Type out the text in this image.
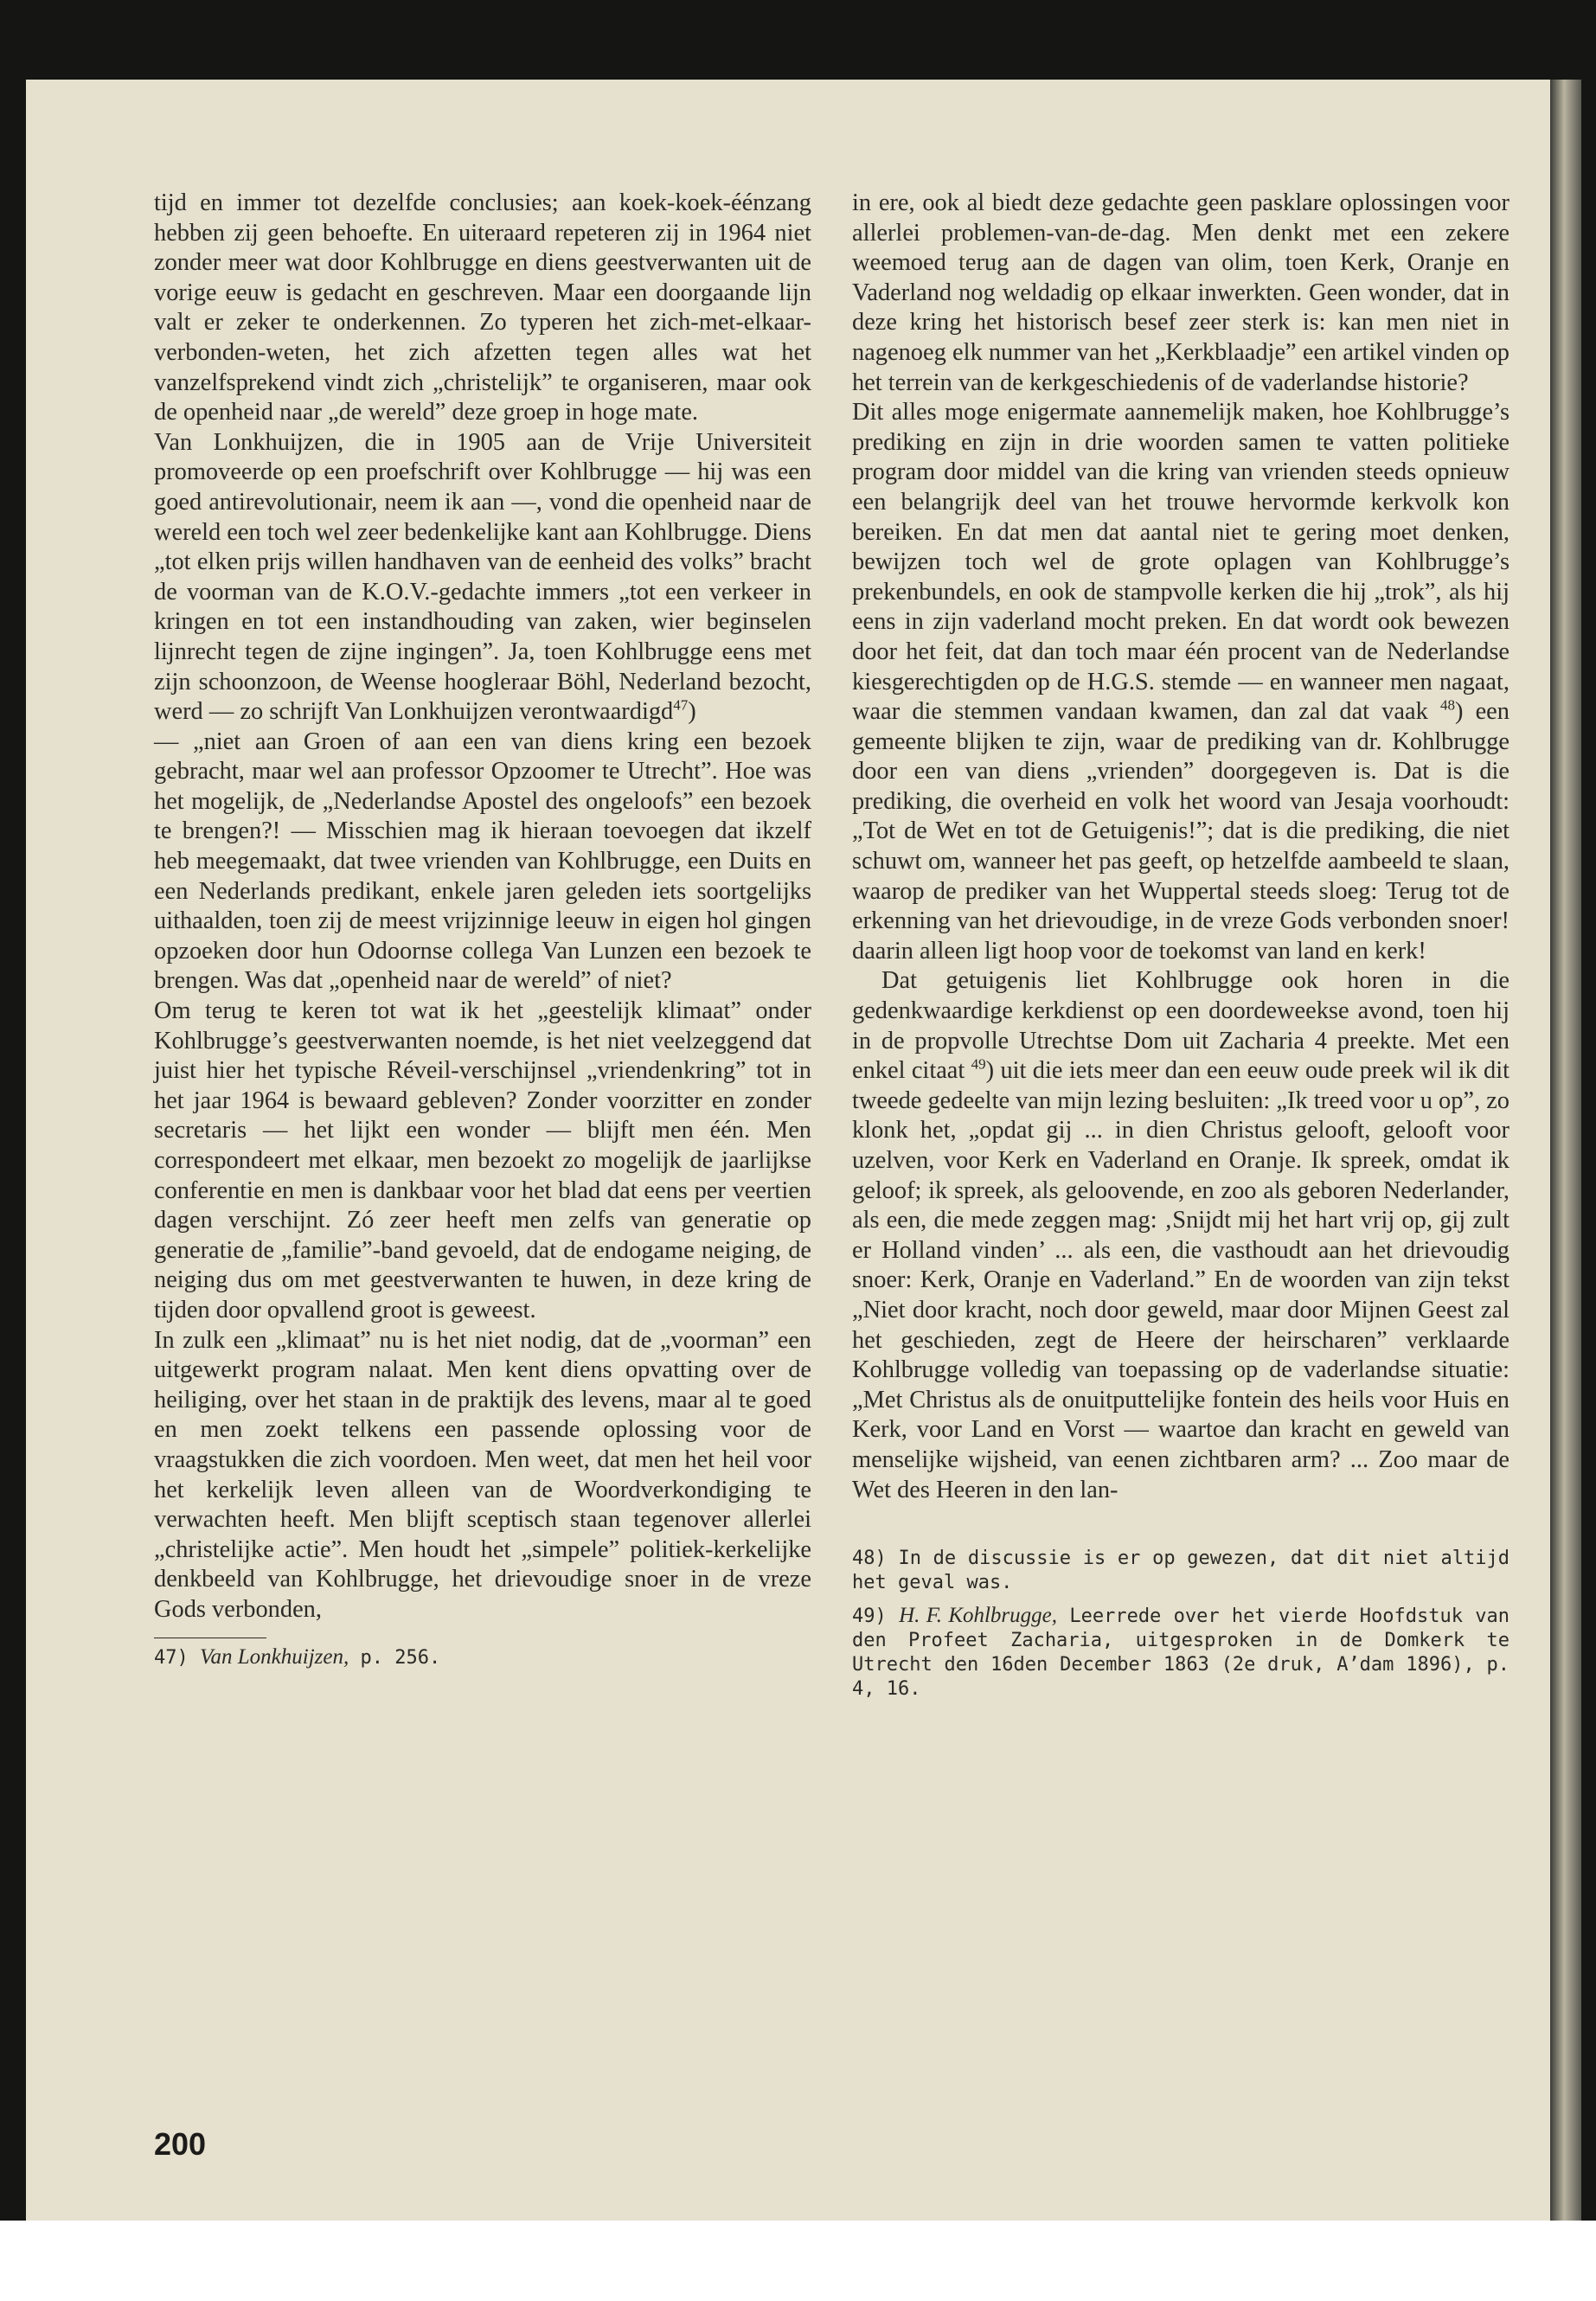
tijd en immer tot dezelfde conclusies; aan koek-koek-éénzang hebben zij geen behoefte. En uiteraard repeteren zij in 1964 niet zonder meer wat door Kohlbrugge en diens geestverwanten uit de vorige eeuw is gedacht en geschreven. Maar een doorgaande lijn valt er zeker te onderkennen. Zo typeren het zich-met-elkaar-verbonden-weten, het zich afzetten tegen alles wat het vanzelfsprekend vindt zich „christelijk” te organiseren, maar ook de openheid naar „de wereld” deze groep in hoge mate.

Van Lonkhuijzen, die in 1905 aan de Vrije Universiteit promoveerde op een proefschrift over Kohlbrugge — hij was een goed antirevolutionair, neem ik aan —, vond die openheid naar de wereld een toch wel zeer bedenkelijke kant aan Kohlbrugge. Diens „tot elken prijs willen handhaven van de eenheid des volks” bracht de voorman van de K.O.V.-gedachte immers „tot een verkeer in kringen en tot een instandhouding van zaken, wier beginselen lijnrecht tegen de zijne ingingen”. Ja, toen Kohlbrugge eens met zijn schoonzoon, de Weense hoogleraar Böhl, Nederland bezocht, werd — zo schrijft Van Lonkhuijzen verontwaardigd$^{47}$)

— „niet aan Groen of aan een van diens kring een bezoek gebracht, maar wel aan professor Opzoomer te Utrecht”. Hoe was het mogelijk, de „Nederlandse Apostel des ongeloofs” een bezoek te brengen?! — Misschien mag ik hieraan toevoegen dat ikzelf heb meegemaakt, dat twee vrienden van Kohlbrugge, een Duits en een Nederlands predikant, enkele jaren geleden iets soortgelijks uithaalden, toen zij de meest vrijzinnige leeuw in eigen hol gingen opzoeken door hun Odoornse collega Van Lunzen een bezoek te brengen. Was dat „openheid naar de wereld” of niet?

Om terug te keren tot wat ik het „geestelijk klimaat” onder Kohlbrugge’s geestverwanten noemde, is het niet veelzeggend dat juist hier het typische Réveil-verschijnsel „vriendenkring” tot in het jaar 1964 is bewaard gebleven? Zonder voorzitter en zonder secretaris — het lijkt een wonder — blijft men één. Men correspondeert met elkaar, men bezoekt zo mogelijk de jaarlijkse conferentie en men is dankbaar voor het blad dat eens per veertien dagen verschijnt. Zó zeer heeft men zelfs van generatie op generatie de „familie”-band gevoeld, dat de endogame neiging, de neiging dus om met geestverwanten te huwen, in deze kring de tijden door opvallend groot is geweest.

In zulk een „klimaat” nu is het niet nodig, dat de „voorman” een uitgewerkt program nalaat. Men kent diens opvatting over de heiliging, over het staan in de praktijk des levens, maar al te goed en men zoekt telkens een passende oplossing voor de vraagstukken die zich voordoen. Men weet, dat men het heil voor het kerkelijk leven alleen van de Woordverkondiging te verwachten heeft. Men blijft sceptisch staan tegenover allerlei „christelijke actie”. Men houdt het „simpele” politiek-kerkelijke denkbeeld van Kohlbrugge, het drievoudige snoer in de vreze Gods verbonden,

47) Van Lonkhuijzen, p. 256.

in ere, ook al biedt deze gedachte geen pasklare oplossingen voor allerlei problemen-van-de-dag. Men denkt met een zekere weemoed terug aan de dagen van olim, toen Kerk, Oranje en Vaderland nog weldadig op elkaar inwerkten. Geen wonder, dat in deze kring het historisch besef zeer sterk is: kan men niet in nagenoeg elk nummer van het „Kerkblaadje” een artikel vinden op het terrein van de kerkgeschiedenis of de vaderlandse historie?

Dit alles moge enigermate aannemelijk maken, hoe Kohlbrugge’s prediking en zijn in drie woorden samen te vatten politieke program door middel van die kring van vrienden steeds opnieuw een belangrijk deel van het trouwe hervormde kerkvolk kon bereiken. En dat men dat aantal niet te gering moet denken, bewijzen toch wel de grote oplagen van Kohlbrugge’s prekenbundels, en ook de stampvolle kerken die hij „trok”, als hij eens in zijn vaderland mocht preken. En dat wordt ook bewezen door het feit, dat dan toch maar één procent van de Nederlandse kiesgerechtigden op de H.G.S. stemde — en wanneer men nagaat, waar die stemmen vandaan kwamen, dan zal dat vaak $^{48}$) een gemeente blijken te zijn, waar de prediking van dr. Kohlbrugge door een van diens „vrienden” doorgegeven is. Dat is die prediking, die overheid en volk het woord van Jesaja voorhoudt: „Tot de Wet en tot de Getuigenis!”; dat is die prediking, die niet schuwt om, wanneer het pas geeft, op hetzelfde aambeeld te slaan, waarop de prediker van het Wuppertal steeds sloeg: Terug tot de erkenning van het drievoudige, in de vreze Gods verbonden snoer! daarin alleen ligt hoop voor de toekomst van land en kerk!

Dat getuigenis liet Kohlbrugge ook horen in die gedenkwaardige kerkdienst op een doordeweekse avond, toen hij in de propvolle Utrechtse Dom uit Zacharia 4 preekte. Met een enkel citaat $^{49}$) uit die iets meer dan een eeuw oude preek wil ik dit tweede gedeelte van mijn lezing besluiten: „Ik treed voor u op”, zo klonk het, „opdat gij ... in dien Christus gelooft, gelooft voor uzelven, voor Kerk en Vaderland en Oranje. Ik spreek, omdat ik geloof; ik spreek, als geloovende, en zoo als geboren Nederlander, als een, die mede zeggen mag: ‚Snijdt mij het hart vrij op, gij zult er Holland vinden’ ... als een, die vasthoudt aan het drievoudig snoer: Kerk, Oranje en Vaderland.” En de woorden van zijn tekst „Niet door kracht, noch door geweld, maar door Mijnen Geest zal het geschieden, zegt de Heere der heirscharen” verklaarde Kohlbrugge volledig van toepassing op de vaderlandse situatie: „Met Christus als de onuitputtelijke fontein des heils voor Huis en Kerk, voor Land en Vorst — waartoe dan kracht en geweld van menselijke wijsheid, van eenen zichtbaren arm? ... Zoo maar de Wet des Heeren in den lan-

48) In de discussie is er op gewezen, dat dit niet altijd het geval was.
49) H. F. Kohlbrugge, Leerrede over het vierde Hoofdstuk van den Profeet Zacharia, uitgesproken in de Domkerk te Utrecht den 16den December 1863 (2e druk, A’dam 1896), p. 4, 16.
200
